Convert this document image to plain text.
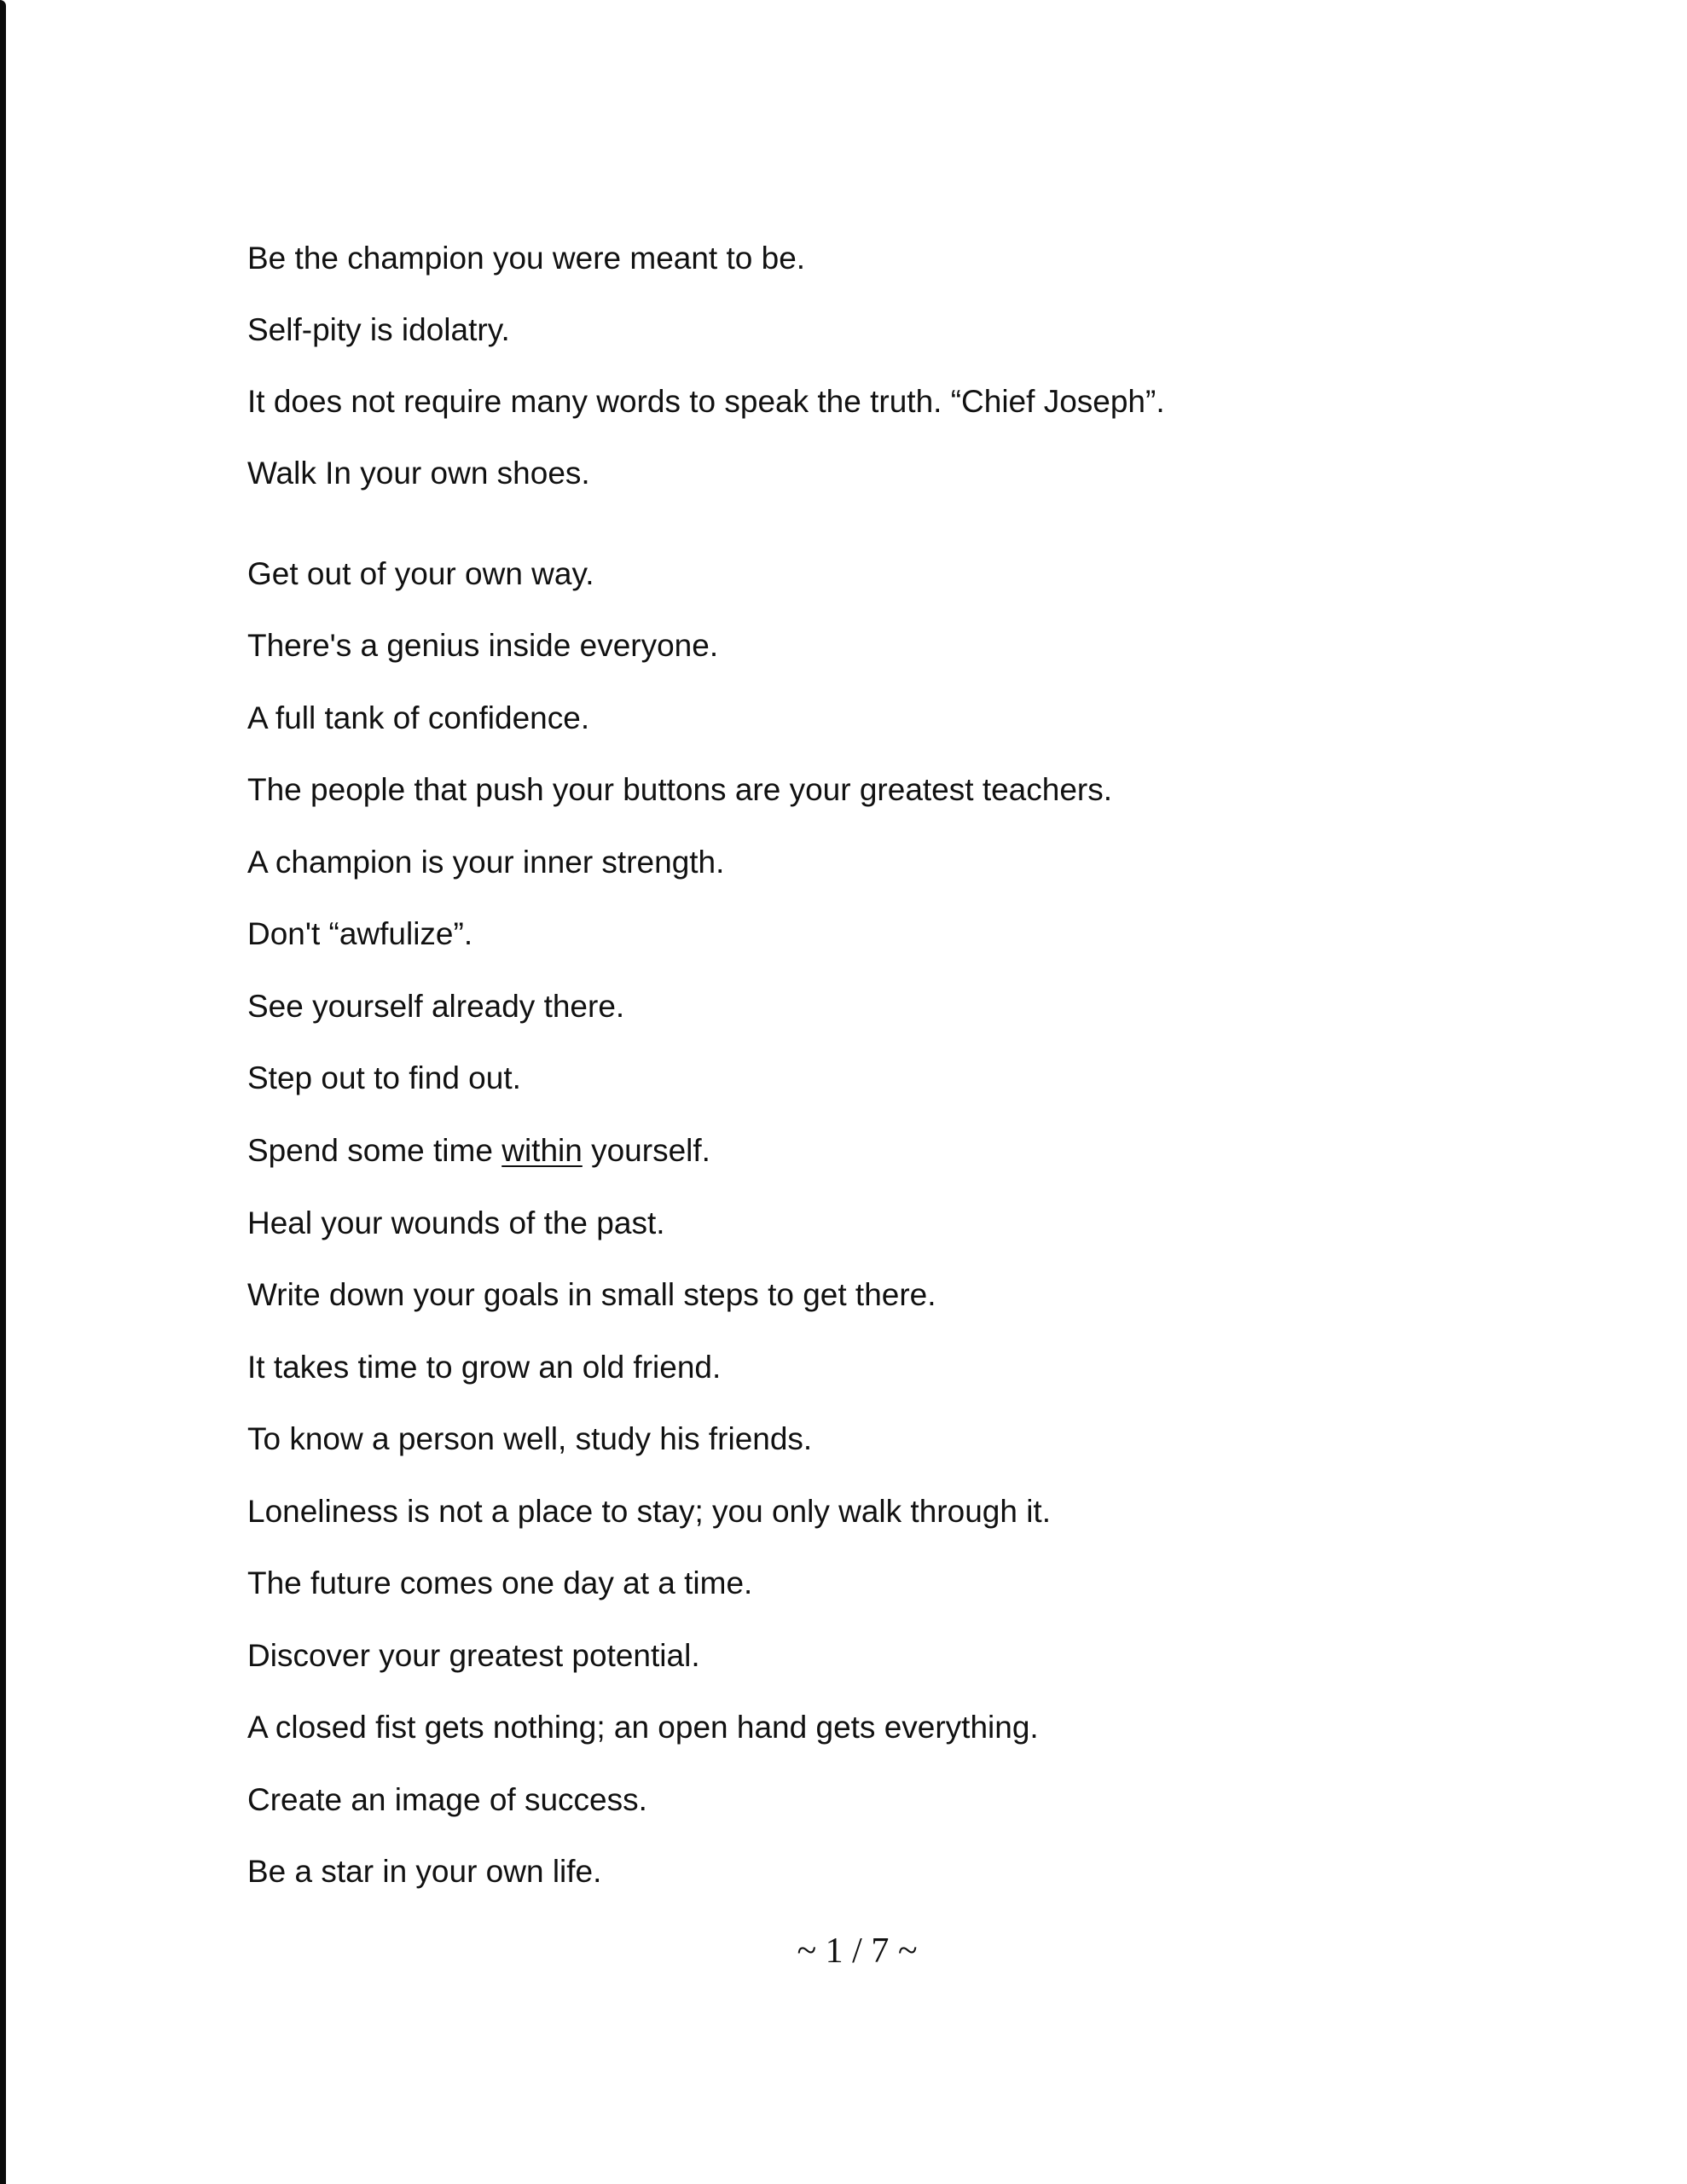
Be the champion you were meant to be.
Self-pity is idolatry.
It does not require many words to speak the truth. “Chief Joseph”.
Walk In your own shoes.
Get out of your own way.
There's a genius inside everyone.
A full tank of confidence.
The people that push your buttons are your greatest teachers.
A champion is your inner strength.
Don't “awfulize”.
See yourself already there.
Step out to find out.
Spend some time within yourself.
Heal your wounds of the past.
Write down your goals in small steps to get there.
It takes time to grow an old friend.
To know a person well, study his friends.
Loneliness is not a place to stay; you only walk through it.
The future comes one day at a time.
Discover your greatest potential.
A closed fist gets nothing; an open hand gets everything.
Create an image of success.
Be a star in your own life.
~ 1 / 7 ~
